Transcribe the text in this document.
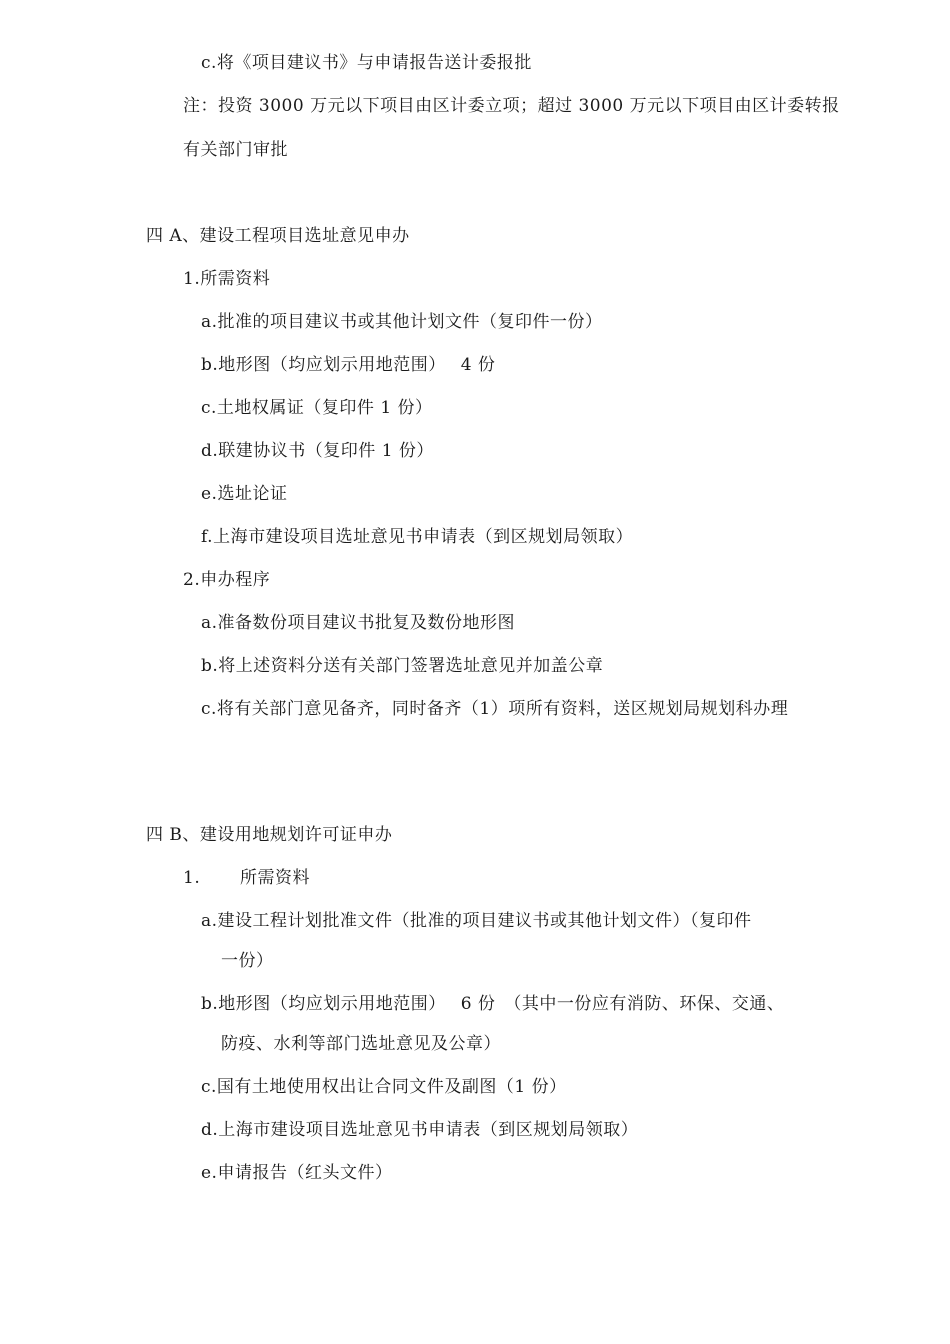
c.将《项目建议书》与申请报告送计委报批
注：投资 3000 万元以下项目由区计委立项；超过 3000 万元以下项目由区计委转报
有关部门审批
四 A、建设工程项目选址意见申办
1.所需资料
a.批准的项目建议书或其他计划文件（复印件一份）
b.地形图（均应划示用地范围）　 4 份
c.土地权属证（复印件 1 份）
d.联建协议书（复印件 1 份）
e.选址论证
f.上海市建设项目选址意见书申请表（到区规划局领取）
2.申办程序
a.准备数份项目建议书批复及数份地形图
b.将上述资料分送有关部门签署选址意见并加盖公章
c.将有关部门意见备齐，同时备齐（1）项所有资料，送区规划局规划科办理
四 B、建设用地规划许可证申办
1. 所需资料
a.建设工程计划批准文件（批准的项目建议书或其他计划文件）（复印件
一份）
b.地形图（均应划示用地范围）　 6 份　（其中一份应有消防、环保、交通、
防疫、水利等部门选址意见及公章）
c.国有土地使用权出让合同文件及副图（1 份）
d.上海市建设项目选址意见书申请表（到区规划局领取）
e.申请报告（红头文件）
